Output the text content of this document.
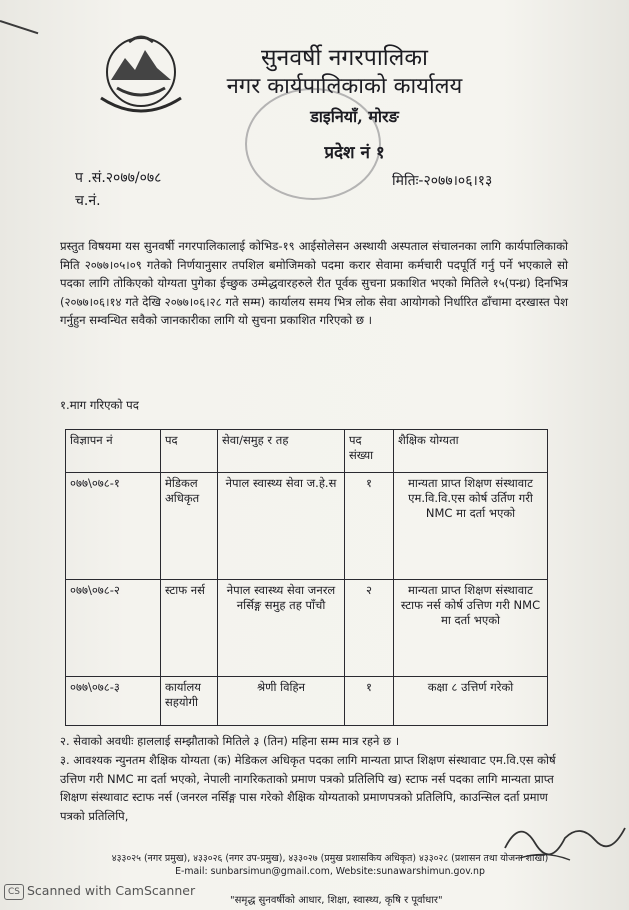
सुनवर्षी नगरपालिका
नगर कार्यपालिकाको कार्यालय
डाइनियाँ, मोरङ
प्रदेश नं १
प .सं.२०७७/०७८
च.नं.
मितिः-२०७७।०६।१३
प्रस्तुत विषयमा यस सुनवर्षी नगरपालिकालाई कोभिड-१९ आईसोलेसन अस्थायी अस्पताल संचालनका लागि कार्यपालिकाको मिति २०७७।०५।०९ गतेको निर्णयानुसार तपशिल बमोजिमको पदमा करार सेवामा कर्मचारी पदपूर्ति गर्नु पर्ने भएकाले सो पदका लागि तोकिएको योग्यता पुगेका ईच्छुक उम्मेद्धवारहरुले रीत पूर्वक सुचना प्रकाशित भएको मितिले १५(पन्ध्र) दिनभित्र (२०७७।०६।१४ गते देखि २०७७।०६।२८ गते सम्म) कार्यालय समय भित्र लोक सेवा आयोगको निर्धारित ढाँचामा दरखास्त पेश गर्नुहुन सम्वन्धित सवैको जानकारीका लागि यो सुचना प्रकाशित गरिएको छ ।
१.माग गरिएको पद
विज्ञापन नं	पद	सेवा/समुह र तह	पद संख्या	शैक्षिक योग्यता
०७७\०७८-१	मेडिकल अधिकृत	नेपाल स्वास्थ्य सेवा ज.हे.स	१	मान्यता प्राप्त शिक्षण संस्थावाट एम.वि.वि.एस कोर्ष उर्तिण गरी NMC मा दर्ता भएको
०७७\०७८-२	स्टाफ नर्स	नेपाल स्वास्थ्य सेवा जनरल नर्सिङ्ग समुह तह पाँचौ	२	मान्यता प्राप्त शिक्षण संस्थावाट स्टाफ नर्स कोर्ष उत्तिण गरी NMC मा दर्ता भएको
०७७\०७८-३	कार्यालय सहयोगी	श्रेणी विहिन	१	कक्षा ८ उत्तिर्ण गरेको
२. सेवाको अवधीः हाललाई सम्झौताको मितिले ३ (तिन) महिना सम्म मात्र रहने छ ।
३. आवश्यक न्युनतम शैक्षिक योग्यता (क) मेडिकल अधिकृत पदका लागि मान्यता प्राप्त शिक्षण संस्थावाट एम.वि.एस कोर्ष उत्तिण गरी NMC मा दर्ता भएको, नेपाली नागरिकताको प्रमाण पत्रको प्रतिलिपि ख) स्टाफ नर्स पदका लागि मान्यता प्राप्त शिक्षण संस्थावाट स्टाफ नर्स (जनरल नर्सिङ्ग पास गरेको शैक्षिक योग्यताको प्रमाणपत्रको प्रतिलिपि, काउन्सिल दर्ता प्रमाण पत्रको प्रतिलिपि,
४३३०२५ (नगर प्रमुख), ४३३०२६ (नगर उप-प्रमुख), ४३३०२७ (प्रमुख प्रशासकिय अधिकृत) ४३३०२८ (प्रशासन तथा योजना शाखा)
E-mail: sunbarsimun@gmail.com, Website:sunawarshimun.gov.np
"समृद्ध सुनवर्षीको आधार, शिक्षा, स्वास्थ्य, कृषि र पूर्वाधार"
CS Scanned with CamScanner
